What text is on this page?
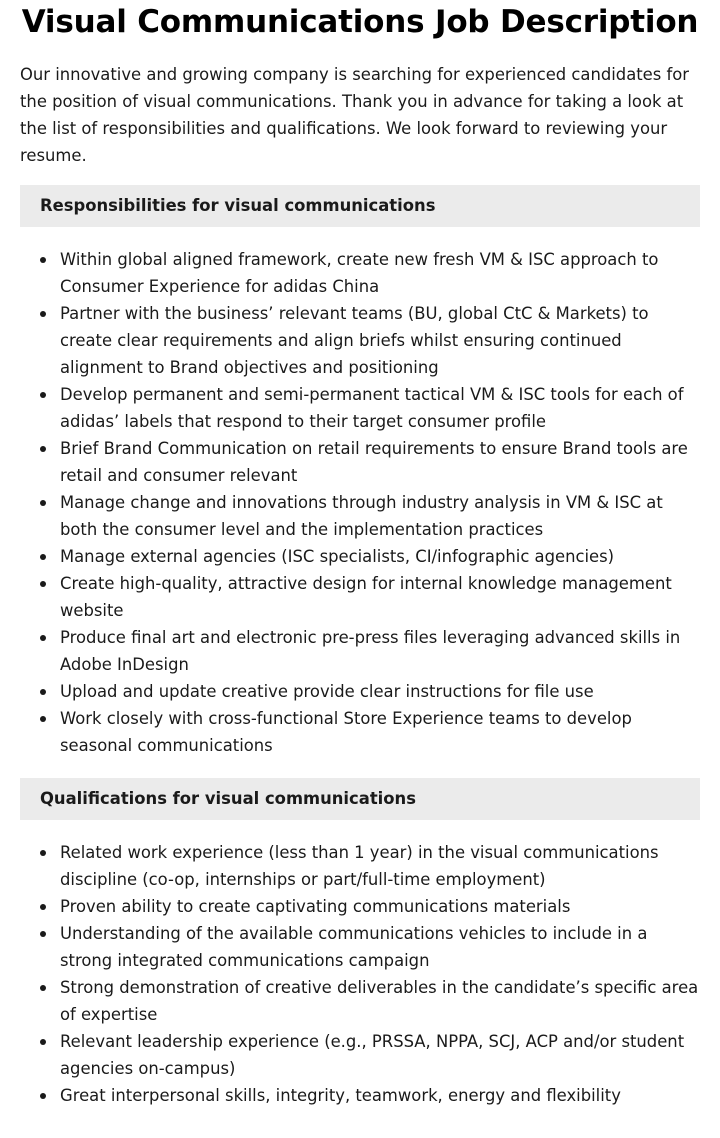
Visual Communications Job Description

Our innovative and growing company is searching for experienced candidates for the position of visual communications. Thank you in advance for taking a look at the list of responsibilities and qualifications. We look forward to reviewing your resume.

Responsibilities for visual communications
Within global aligned framework, create new fresh VM & ISC approach to Consumer Experience for adidas China
Partner with the business’ relevant teams (BU, global CtC & Markets) to create clear requirements and align briefs whilst ensuring continued alignment to Brand objectives and positioning
Develop permanent and semi-permanent tactical VM & ISC tools for each of adidas’ labels that respond to their target consumer profile
Brief Brand Communication on retail requirements to ensure Brand tools are retail and consumer relevant
Manage change and innovations through industry analysis in VM & ISC at both the consumer level and the implementation practices
Manage external agencies (ISC specialists, CI/infographic agencies)
Create high-quality, attractive design for internal knowledge management website
Produce final art and electronic pre-press files leveraging advanced skills in Adobe InDesign
Upload and update creative provide clear instructions for file use
Work closely with cross-functional Store Experience teams to develop seasonal communications
Qualifications for visual communications
Related work experience (less than 1 year) in the visual communications discipline (co-op, internships or part/full-time employment)
Proven ability to create captivating communications materials
Understanding of the available communications vehicles to include in a strong integrated communications campaign
Strong demonstration of creative deliverables in the candidate’s specific area of expertise
Relevant leadership experience (e.g., PRSSA, NPPA, SCJ, ACP and/or student agencies on-campus)
Great interpersonal skills, integrity, teamwork, energy and flexibility
